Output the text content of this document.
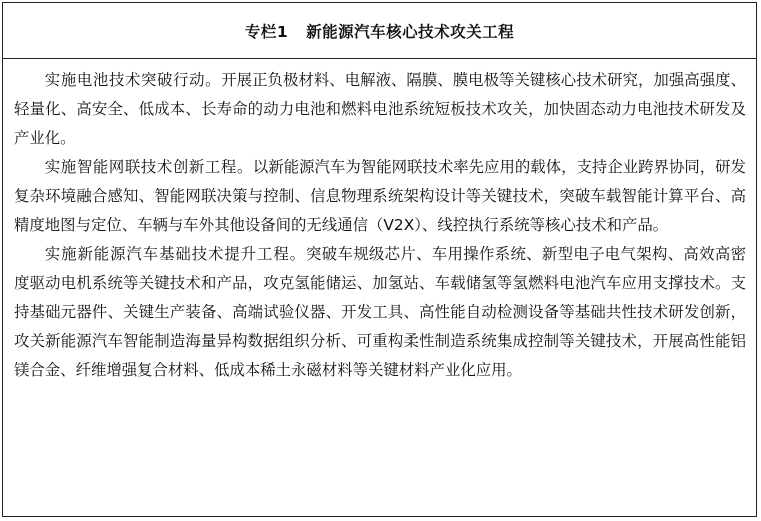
专栏1 新能源汽车核心技术攻关工程

实施电池技术突破行动。开展正负极材料、电解液、隔膜、膜电极等关键核心技术研究，加强高强度、轻量化、高安全、低成本、长寿命的动力电池和燃料电池系统短板技术攻关，加快固态动力电池技术研发及产业化。

实施智能网联技术创新工程。以新能源汽车为智能网联技术率先应用的载体，支持企业跨界协同，研发复杂环境融合感知、智能网联决策与控制、信息物理系统架构设计等关键技术，突破车载智能计算平台、高精度地图与定位、车辆与车外其他设备间的无线通信（V2X）、线控执行系统等核心技术和产品。

实施新能源汽车基础技术提升工程。突破车规级芯片、车用操作系统、新型电子电气架构、高效高密度驱动电机系统等关键技术和产品，攻克氢能储运、加氢站、车载储氢等氢燃料电池汽车应用支撑技术。支持基础元器件、关键生产装备、高端试验仪器、开发工具、高性能自动检测设备等基础共性技术研发创新，攻关新能源汽车智能制造海量异构数据组织分析、可重构柔性制造系统集成控制等关键技术，开展高性能铝镁合金、纤维增强复合材料、低成本稀土永磁材料等关键材料产业化应用。
